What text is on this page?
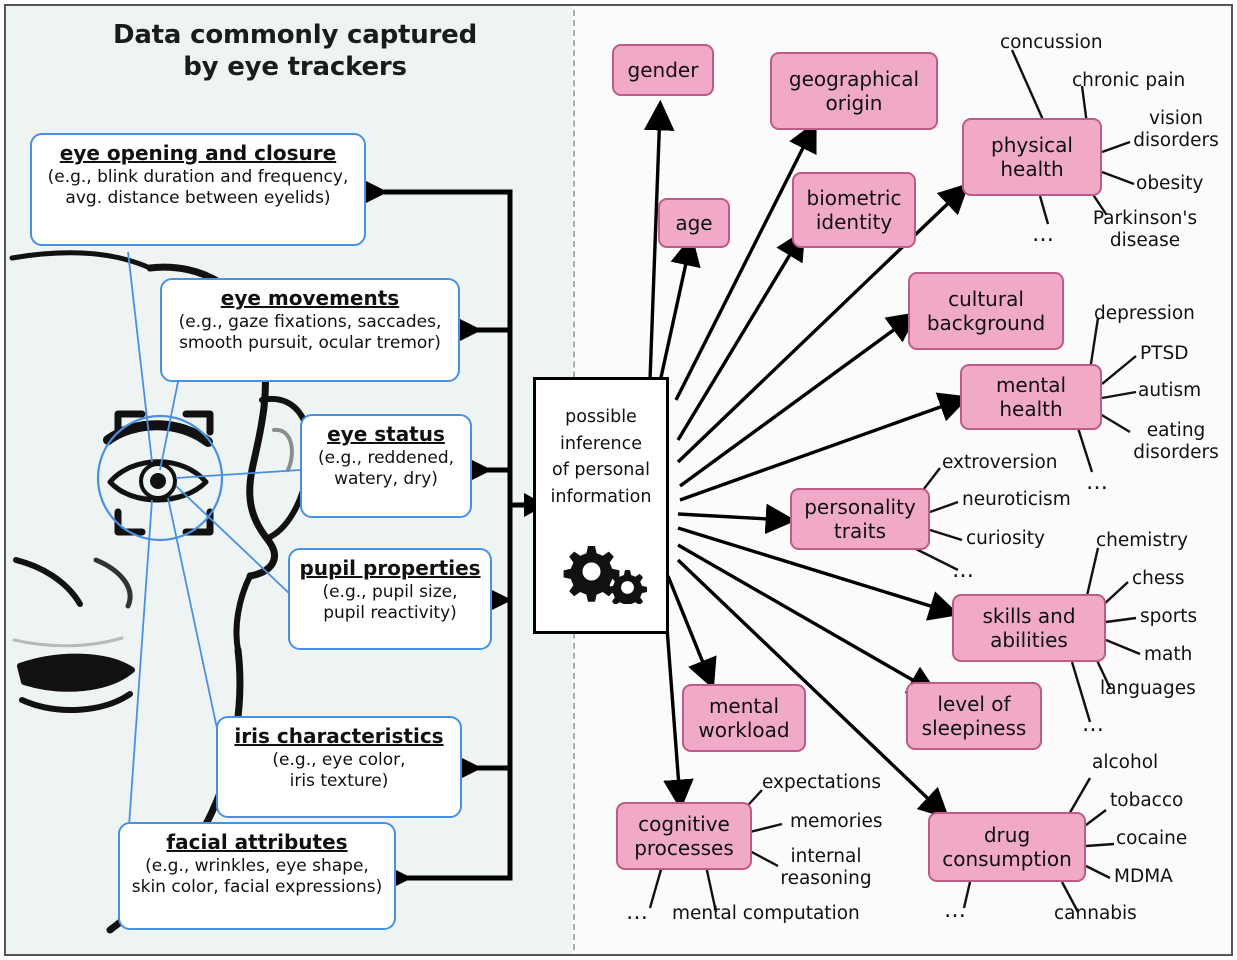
Data commonly captured
by eye trackers
eye opening and closure
(e.g., blink duration and frequency,
avg. distance between eyelids)
eye movements
(e.g., gaze fixations, saccades,
smooth pursuit, ocular tremor)
eye status
(e.g., reddened,
watery, dry)
pupil properties
(e.g., pupil size,
pupil reactivity)
iris characteristics
(e.g., eye color,
iris texture)
facial attributes
(e.g., wrinkles, eye shape,
skin color, facial expressions)
possible
inference
of personal
information
gender
age
geographical
origin
biometric
identity
physical
health
cultural
background
mental
health
personality
traits
skills and
abilities
mental
workload
level of
sleepiness
cognitive
processes
drug
consumption
concussion
chronic pain
vision
disorders
obesity
Parkinson's
disease
…
depression
PTSD
autism
eating
disorders
…
extroversion
neuroticism
curiosity
…
chemistry
chess
sports
math
languages
…
expectations
memories
internal
reasoning
mental computation
…
alcohol
tobacco
cocaine
MDMA
cannabis
…
